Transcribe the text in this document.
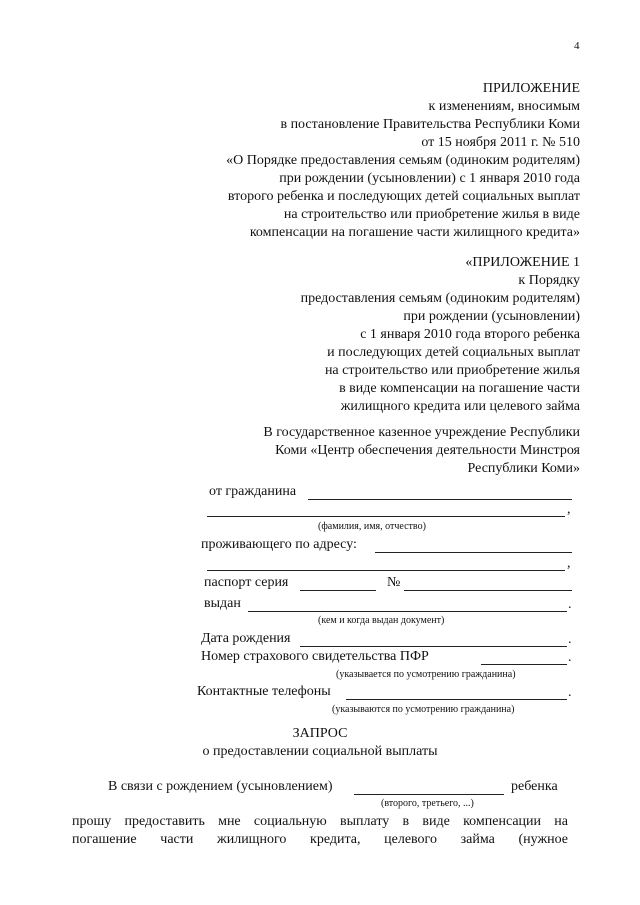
4
ПРИЛОЖЕНИЕ
к изменениям, вносимым
в постановление Правительства Республики Коми
от 15 ноября 2011 г. № 510
«О Порядке предоставления семьям (одиноким родителям)
при рождении (усыновлении) с 1 января 2010 года
второго ребенка и последующих детей социальных выплат
на строительство или приобретение жилья в виде
компенсации на погашение части жилищного кредита»
«ПРИЛОЖЕНИЕ 1
к Порядку
предоставления семьям (одиноким родителям)
при рождении (усыновлении)
с 1 января 2010 года второго ребенка
и последующих детей социальных выплат
на строительство или приобретение жилья
в виде компенсации на погашение части
жилищного кредита или целевого займа
В государственное казенное учреждение Республики
Коми «Центр обеспечения деятельности Минстроя
Республики Коми»
от гражданина
,
(фамилия, имя, отчество)
проживающего по адресу:
,
паспорт серия	№
выдан	.
(кем и когда выдан документ)
Дата рождения	.
Номер страхового свидетельства ПФР	.
(указывается по усмотрению гражданина)
Контактные телефоны	.
(указываются по усмотрению гражданина)
ЗАПРОС
о предоставлении социальной выплаты
В связи с рождением (усыновлением)	ребенка
(второго, третьего, ...)
прошу предоставить мне социальную выплату в виде компенсации на
погашение части жилищного кредита, целевого займа (нужное
